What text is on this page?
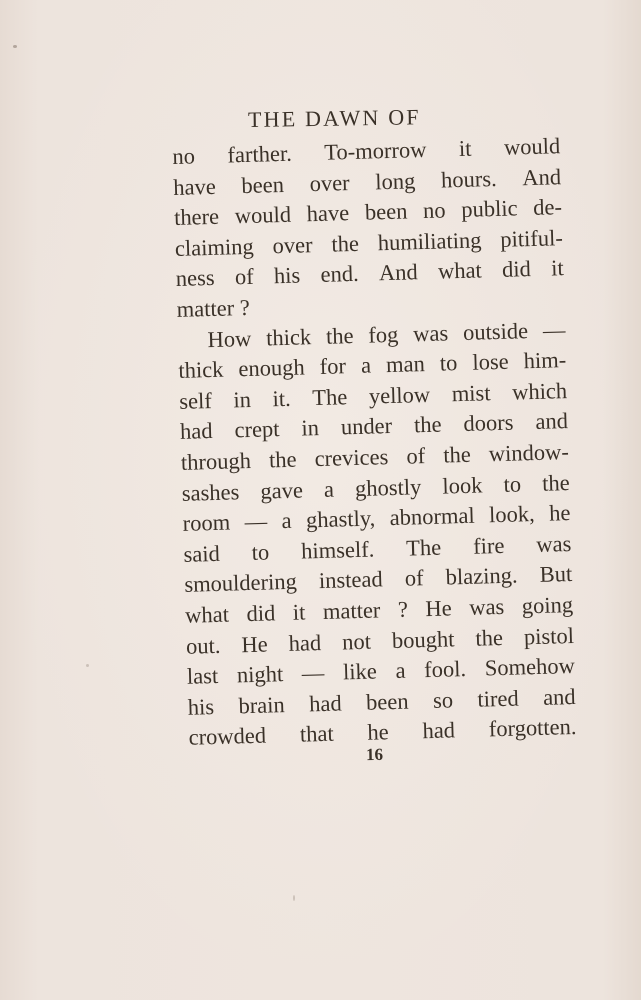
THE DAWN OF
no farther. To-morrow it would
have been over long hours. And
there would have been no public de-
claiming over the humiliating pitiful-
ness of his end. And what did it
matter ?
How thick the fog was outside —
thick enough for a man to lose him-
self in it. The yellow mist which
had crept in under the doors and
through the crevices of the window-
sashes gave a ghostly look to the
room — a ghastly, abnormal look, he
said to himself. The fire was
smouldering instead of blazing. But
what did it matter ? He was going
out. He had not bought the pistol
last night — like a fool. Somehow
his brain had been so tired and
crowded that he had forgotten.
16
